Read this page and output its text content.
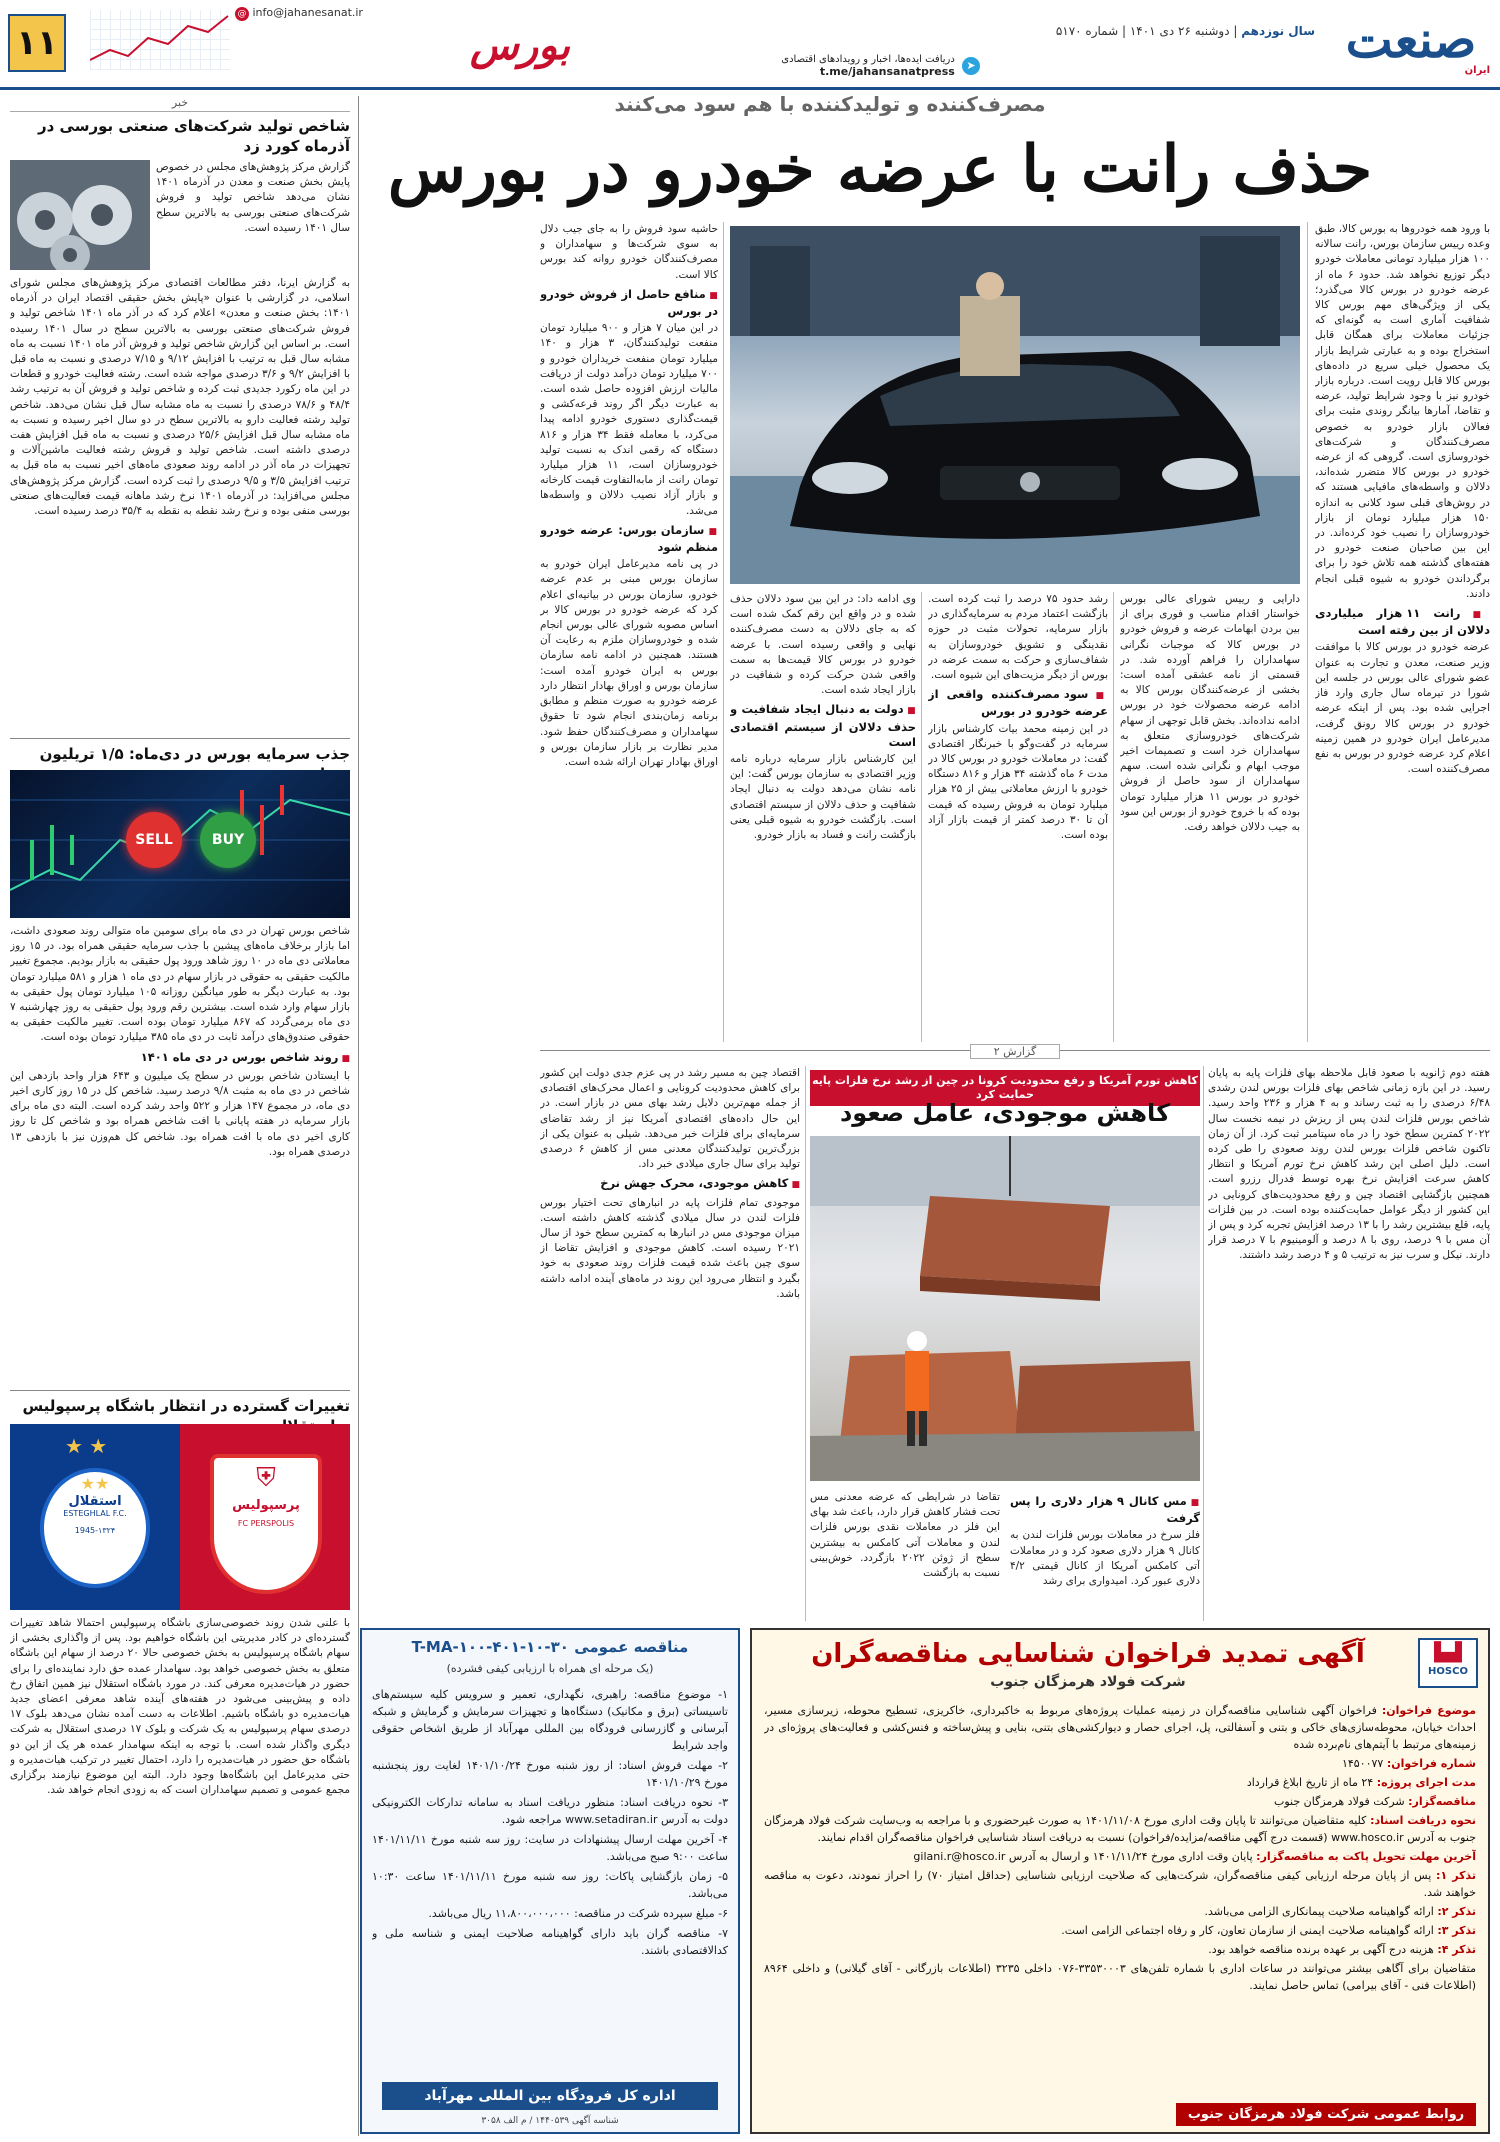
صنعت
ایران
سال نوزدهم | دوشنبه ۲۶ دی ۱۴۰۱ | شماره ۵۱۷۰
➤
دریافت ایده‌ها، اخبار و رویدادهای اقتصادی
t.me/jahansanatpress
بورس
@ info@jahanesanat.ir
۱۱
مصرف‌کننده و تولیدکننده با هم سود می‌کنند
حذف رانت با عرضه خودرو در بورس

با ورود همه خودروها به بورس کالا، طبق وعده رییس سازمان بورس، رانت سالانه ۱۰۰ هزار میلیارد تومانی معاملات خودرو دیگر توزیع نخواهد شد. حدود ۶ ماه از عرضه خودرو در بورس کالا می‌گذرد؛ یکی از ویژگی‌های مهم بورس کالا شفافیت آماری است به گونه‌ای که جزئیات معاملات برای همگان قابل استخراج بوده و به عبارتی شرایط بازار یک محصول خیلی سریع در داده‌های بورس کالا قابل رویت است. درباره بازار خودرو نیز با وجود شرایط تولید، عرضه و تقاضا، آمارها بیانگر روندی مثبت برای فعالان بازار خودرو به خصوص مصرف‌کنندگان و شرکت‌های خودروسازی است. گروهی که از عرضه خودرو در بورس کالا متضرر شده‌اند، دلالان و واسطه‌های مافیایی هستند که در روش‌های قبلی سود کلانی به اندازه ۱۵۰ هزار میلیارد تومان از بازار خودروسازان را نصیب خود کرده‌اند. در این بین صاحبان صنعت خودرو در هفته‌های گذشته همه تلاش خود را برای برگرداندن خودرو به شیوه قبلی انجام دادند.

■ رانت ۱۱ هزار میلیاردی دلالان از بین رفته است

عرضه خودرو در بورس کالا با موافقت وزیر صنعت، معدن و تجارت به عنوان عضو شورای عالی بورس در جلسه این شورا در تیرماه سال جاری وارد فاز اجرایی شده بود. پس از اینکه عرضه خودرو در بورس کالا رونق گرفت، مدیرعامل ایران خودرو در همین زمینه اعلام کرد عرضه خودرو در بورس به نفع مصرف‌کننده است.

دارایی و رییس شورای عالی بورس خواستار اقدام مناسب و فوری برای از بین بردن ابهامات عرضه و فروش خودرو در بورس کالا که موجبات نگرانی سهامداران را فراهم آورده شد. در قسمتی از نامه عشقی آمده است: بخشی از عرضه‌کنندگان بورس کالا به ادامه عرضه محصولات خود در بورس ادامه نداده‌اند. بخش قابل توجهی از سهام شرکت‌های خودروسازی متعلق به سهامداران خرد است و تصمیمات اخیر موجب ابهام و نگرانی شده است. سهم سهامداران از سود حاصل از فروش خودرو در بورس ۱۱ هزار میلیارد تومان بوده که با خروج خودرو از بورس این سود به جیب دلالان خواهد رفت.

رشد حدود ۷۵ درصد را ثبت کرده است. بازگشت اعتماد مردم به سرمایه‌گذاری در بازار سرمایه، تحولات مثبت در حوزه نقدینگی و تشویق خودروسازان به شفاف‌سازی و حرکت به سمت عرضه در بورس از دیگر مزیت‌های این شیوه است.

■ سود مصرف‌کننده واقعی از عرضه خودرو در بورس

در این زمینه محمد بیات کارشناس بازار سرمایه در گفت‌وگو با خبرنگار اقتصادی گفت: در معاملات خودرو در بورس کالا در مدت ۶ ماه گذشته ۳۴ هزار و ۸۱۶ دستگاه خودرو با ارزش معاملاتی بیش از ۲۵ هزار میلیارد تومان به فروش رسیده که قیمت آن تا ۳۰ درصد کمتر از قیمت بازار آزاد بوده است.

وی ادامه داد: در این بین سود دلالان حذف شده و در واقع این رقم کمک شده است که به جای دلالان به دست مصرف‌کننده نهایی و واقعی رسیده است. با عرضه خودرو در بورس کالا قیمت‌ها به سمت واقعی شدن حرکت کرده و شفافیت در بازار ایجاد شده است.

■ دولت به دنبال ایجاد شفافیت و حذف دلالان از سیستم اقتصادی است

این کارشناس بازار سرمایه درباره نامه وزیر اقتصادی به سازمان بورس گفت: این نامه نشان می‌دهد دولت به دنبال ایجاد شفافیت و حذف دلالان از سیستم اقتصادی است. بازگشت خودرو به شیوه قبلی یعنی بازگشت رانت و فساد به بازار خودرو.

حاشیه سود فروش را به جای جیب دلال به سوی شرکت‌ها و سهامداران و مصرف‌کنندگان خودرو روانه کند بورس کالا است.

■ منافع حاصل از فروش خودرو در بورس

در این میان ۷ هزار و ۹۰۰ میلیارد تومان منفعت تولیدکنندگان، ۳ هزار و ۱۴۰ میلیارد تومان منفعت خریداران خودرو و ۷۰۰ میلیارد تومان درآمد دولت از دریافت مالیات ارزش افزوده حاصل شده است. به عبارت دیگر اگر روند قرعه‌کشی و قیمت‌گذاری دستوری خودرو ادامه پیدا می‌کرد، با معامله فقط ۳۴ هزار و ۸۱۶ دستگاه که رقمی اندک به نسبت تولید خودروسازان است، ۱۱ هزار میلیارد تومان رانت از مابه‌التفاوت قیمت کارخانه و بازار آزاد نصیب دلالان و واسطه‌ها می‌شد.

■ سازمان بورس: عرضه خودرو منظم شود

در پی نامه مدیرعامل ایران خودرو به سازمان بورس مبنی بر عدم عرضه خودرو، سازمان بورس در بیانیه‌ای اعلام کرد که عرضه خودرو در بورس کالا بر اساس مصوبه شورای عالی بورس انجام شده و خودروسازان ملزم به رعایت آن هستند. همچنین در ادامه نامه سازمان بورس به ایران خودرو آمده است: سازمان بورس و اوراق بهادار انتظار دارد عرضه خودرو به صورت منظم و مطابق برنامه زمان‌بندی انجام شود تا حقوق سهامداران و مصرف‌کنندگان حفظ شود. مدیر نظارت بر بازار سازمان بورس و اوراق بهادار تهران ارائه شده است.

گزارش ۲
کاهش تورم آمریکا و رفع محدودیت کرونا در چین از رشد نرخ فلزات پایه حمایت کرد
کاهش موجودی، عامل صعود

هفته دوم ژانویه با صعود قابل ملاحظه بهای فلزات پایه به پایان رسید. در این بازه زمانی شاخص بهای فلزات بورس لندن رشدی ۶/۴۸ درصدی را به ثبت رساند و به ۴ هزار و ۲۳۶ واحد رسید. شاخص بورس فلزات لندن پس از ریزش در نیمه نخست سال ۲۰۲۲ کمترین سطح خود را در ماه سپتامبر ثبت کرد. از آن زمان تاکنون شاخص فلزات بورس لندن روند صعودی را طی کرده است. دلیل اصلی این رشد کاهش نرخ تورم آمریکا و انتظار کاهش سرعت افزایش نرخ بهره توسط فدرال رزرو است. همچنین بازگشایی اقتصاد چین و رفع محدودیت‌های کرونایی در این کشور از دیگر عوامل حمایت‌کننده بوده است. در بین فلزات پایه، قلع بیشترین رشد را با ۱۳ درصد افزایش تجربه کرد و پس از آن مس با ۹ درصد، روی با ۸ درصد و آلومینیوم با ۷ درصد قرار دارند. نیکل و سرب نیز به ترتیب ۵ و ۴ درصد رشد داشتند.

اقتصاد چین به مسیر رشد در پی عزم جدی دولت این کشور برای کاهش محدودیت کرونایی و اعمال محرک‌های اقتصادی از جمله مهم‌ترین دلایل رشد بهای مس در بازار است. در این حال داده‌های اقتصادی آمریکا نیز از رشد تقاضای سرمایه‌ای برای فلزات خبر می‌دهد. شیلی به عنوان یکی از بزرگ‌ترین تولیدکنندگان معدنی مس از کاهش ۶ درصدی تولید برای سال جاری میلادی خبر داد.

■ کاهش موجودی، محرک جهش نرخ

موجودی تمام فلزات پایه در انبارهای تحت اختیار بورس فلزات لندن در سال میلادی گذشته کاهش داشته است. میزان موجودی مس در انبارها به کمترین سطح خود از سال ۲۰۲۱ رسیده است. کاهش موجودی و افزایش تقاضا از سوی چین باعث شده قیمت فلزات روند صعودی به خود بگیرد و انتظار می‌رود این روند در ماه‌های آینده ادامه داشته باشد.

■ مس کانال ۹ هزار دلاری را پس گرفت

فلز سرخ در معاملات بورس فلزات لندن به کانال ۹ هزار دلاری صعود کرد و در معاملات آتی کامکس آمریکا از کانال قیمتی ۴/۲ دلاری عبور کرد. امیدواری برای رشد

تقاضا در شرایطی که عرضه معدنی مس تحت فشار کاهش قرار دارد، باعث شد بهای این فلز در معاملات نقدی بورس فلزات لندن و معاملات آتی کامکس به بیشترین سطح از ژوئن ۲۰۲۲ بازگردد. خوش‌بینی نسبت به بازگشت

▟▙
HOSCO
آگهی تمدید فراخوان شناسایی مناقصه‌گران
شرکت فولاد هرمزگان جنوب
موضوع فراخوان: فراخوان آگهی شناسایی مناقصه‌گران در زمینه عملیات پروژه‌های مربوط به خاکبرداری، خاکریزی، تسطیح محوطه، زیرسازی مسیر، احداث خیابان، محوطه‌سازی‌های خاکی و بتنی و آسفالتی، پل، اجرای حصار و دیوارکشی‌های بتنی، بنایی و پیش‌ساخته و فنس‌کشی و فعالیت‌های پروژه‌ای در زمینه‌های مرتبط با آیتم‌های نام‌برده شده
شماره فراخوان: ۱۴۵۰۰۷۷
مدت اجرای پروژه: ۲۴ ماه از تاریخ ابلاغ قرارداد
مناقصه‌گزار: شرکت فولاد هرمزگان جنوب
نحوه دریافت اسناد: کلیه متقاضیان می‌توانند تا پایان وقت اداری مورخ ۱۴۰۱/۱۱/۰۸ به صورت غیرحضوری و با مراجعه به وب‌سایت شرکت فولاد هرمزگان جنوب به آدرس www.hosco.ir (قسمت درج آگهی مناقصه/مزایده/فراخوان) نسبت به دریافت اسناد شناسایی فراخوان مناقصه‌گران اقدام نمایند.
آخرین مهلت تحویل پاکت به مناقصه‌گزار: پایان وقت اداری مورخ ۱۴۰۱/۱۱/۲۴ و ارسال به آدرس gilani.r@hosco.ir
تذکر ۱: پس از پایان مرحله ارزیابی کیفی مناقصه‌گران، شرکت‌هایی که صلاحیت ارزیابی شناسایی (حداقل امتیاز ۷۰) را احراز نمودند، دعوت به مناقصه خواهند شد.
تذکر ۲: ارائه گواهینامه صلاحیت پیمانکاری الزامی می‌باشد.
تذکر ۳: ارائه گواهینامه صلاحیت ایمنی از سازمان تعاون، کار و رفاه اجتماعی الزامی است.
تذکر ۴: هزینه درج آگهی بر عهده برنده مناقصه خواهد بود.
متقاضیان برای آگاهی بیشتر می‌توانند در ساعات اداری با شماره تلفن‌های ۳۳۵۳۰۰۰۳-۰۷۶ داخلی ۳۲۳۵ (اطلاعات بازرگانی - آقای گیلانی) و داخلی ۸۹۶۴ (اطلاعات فنی - آقای بیرامی) تماس حاصل نمایند.
روابط عمومی شرکت فولاد هرمزگان جنوب
مناقصه عمومی ۳۰-۱۰-۴۰۱-۱۰۰-T-MA
(یک مرحله ای همراه با ارزیابی کیفی فشرده)
۱- موضوع مناقصه: راهبری، نگهداری، تعمیر و سرویس کلیه سیستم‌های تاسیساتی (برق و مکانیک) دستگاه‌ها و تجهیزات سرمایش و گرمایش و شبکه آبرسانی و گازرسانی فرودگاه بین المللی مهرآباد از طریق اشخاص حقوقی واجد شرایط
۲- مهلت فروش اسناد: از روز شنبه مورخ ۱۴۰۱/۱۰/۲۴ لغایت روز پنجشنبه مورخ ۱۴۰۱/۱۰/۲۹
۳- نحوه دریافت اسناد: منظور دریافت اسناد به سامانه تدارکات الکترونیکی دولت به آدرس www.setadiran.ir مراجعه شود.
۴- آخرین مهلت ارسال پیشنهادات در سایت: روز سه شنبه مورخ ۱۴۰۱/۱۱/۱۱ ساعت ۹:۰۰ صبح می‌باشد.
۵- زمان بازگشایی پاکات: روز سه شنبه مورخ ۱۴۰۱/۱۱/۱۱ ساعت ۱۰:۳۰ می‌باشد.
۶- مبلغ سپرده شرکت در مناقصه: ۱۱،۸۰۰،۰۰۰،۰۰۰ ریال می‌باشد.
۷- مناقصه گران باید دارای گواهینامه صلاحیت ایمنی و شناسه ملی و کدالاقتصادی باشند.
اداره کل فرودگاه بین المللی مهرآباد
شناسه آگهی ۱۴۴۰۵۳۹ / م الف ۳۰۵۸
خبر
شاخص تولید شرکت‌های صنعتی بورسی در آذرماه کورد زد
گزارش مرکز پژوهش‌های مجلس در خصوص پایش بخش صنعت و معدن در آذرماه ۱۴۰۱ نشان می‌دهد شاخص تولید و فروش شرکت‌های صنعتی بورسی به بالاترین سطح سال ۱۴۰۱ رسیده است.
به گزارش ایرنا، دفتر مطالعات اقتصادی مرکز پژوهش‌های مجلس شورای اسلامی، در گزارشی با عنوان «پایش بخش حقیقی اقتصاد ایران در آذرماه ۱۴۰۱: بخش صنعت و معدن» اعلام کرد که در آذر ماه ۱۴۰۱ شاخص تولید و فروش شرکت‌های صنعتی بورسی به بالاترین سطح در سال ۱۴۰۱ رسیده است. بر اساس این گزارش شاخص تولید و فروش آذر ماه ۱۴۰۱ نسبت به ماه مشابه سال قبل به ترتیب با افزایش ۹/۱۲ و ۷/۱۵ درصدی و نسبت به ماه قبل با افزایش ۹/۲ و ۳/۶ درصدی مواجه شده است. رشته فعالیت خودرو و قطعات در این ماه رکورد جدیدی ثبت کرده و شاخص تولید و فروش آن به ترتیب رشد ۴۸/۴ و ۷۸/۶ درصدی را نسبت به ماه مشابه سال قبل نشان می‌دهد. شاخص تولید رشته فعالیت دارو به بالاترین سطح در دو سال اخیر رسیده و نسبت به ماه مشابه سال قبل افزایش ۲۵/۶ درصدی و نسبت به ماه قبل افزایش هفت درصدی داشته است. شاخص تولید و فروش رشته فعالیت ماشین‌آلات و تجهیزات در ماه آذر در ادامه روند صعودی ماه‌های اخیر نسبت به ماه قبل به ترتیب افزایش ۳/۵ و ۹/۵ درصدی را ثبت کرده است. گزارش مرکز پژوهش‌های مجلس می‌افزاید: در آذرماه ۱۴۰۱ نرخ رشد ماهانه قیمت فعالیت‌های صنعتی بورسی منفی بوده و نرخ رشد نقطه به نقطه به ۳۵/۴ درصد رسیده است.
جذب سرمایه بورس در دی‌ماه: ۱/۵ تریلیون
BUY
SELL

شاخص بورس تهران در دی ماه برای سومین ماه متوالی روند صعودی داشت، اما بازار برخلاف ماه‌های پیشین با جذب سرمایه حقیقی همراه بود. در ۱۵ روز معاملاتی دی ماه در ۱۰ روز شاهد ورود پول حقیقی به بازار بودیم. مجموع تغییر مالکیت حقیقی به حقوقی در بازار سهام در دی ماه ۱ هزار و ۵۸۱ میلیارد تومان بود. به عبارت دیگر به طور میانگین روزانه ۱۰۵ میلیارد تومان پول حقیقی به بازار سهام وارد شده است. بیشترین رقم ورود پول حقیقی به روز چهارشنبه ۷ دی ماه برمی‌گردد که ۸۶۷ میلیارد تومان بوده است. تغییر مالکیت حقیقی به حقوقی صندوق‌های درآمد ثابت در دی ماه ۳۸۵ میلیارد تومان بوده است.

■ روند شاخص بورس در دی ماه ۱۴۰۱

با ایستادن شاخص بورس در سطح یک میلیون و ۶۴۳ هزار واحد بازدهی این شاخص در دی ماه به مثبت ۹/۸ درصد رسید. شاخص کل در ۱۵ روز کاری اخیر دی ماه، در مجموع ۱۴۷ هزار و ۵۲۲ واحد رشد کرده است. البته دی ماه برای بازار سرمایه در هفته پایانی با افت شاخص همراه بود و شاخص کل تا روز کاری اخیر دی ماه با افت همراه بود. شاخص کل هم‌وزن نیز با بازدهی ۱۳ درصدی همراه بود.

تغییرات گسترده در انتظار باشگاه پرسپولیس
★★
استقلال
ESTEGHLAL F.C.
1945-۱۳۲۴
★ ★
⛨
پرسپولیس
FC PERSPOLIS
با علنی شدن روند خصوصی‌سازی باشگاه پرسپولیس احتمالا شاهد تغییرات گسترده‌ای در کادر مدیریتی این باشگاه خواهیم بود. پس از واگذاری بخشی از سهام باشگاه پرسپولیس به بخش خصوصی حالا ۲۰ درصد از سهام این باشگاه متعلق به بخش خصوصی خواهد بود. سهامدار عمده حق دارد نماینده‌ای را برای حضور در هیات‌مدیره معرفی کند. در مورد باشگاه استقلال نیز همین اتفاق رخ داده و پیش‌بینی می‌شود در هفته‌های آینده شاهد معرفی اعضای جدید هیات‌مدیره دو باشگاه باشیم. اطلاعات به دست آمده نشان می‌دهد بلوک ۱۷ درصدی سهام پرسپولیس به یک شرکت و بلوک ۱۷ درصدی استقلال به شرکت دیگری واگذار شده است. با توجه به اینکه سهامدار عمده هر یک از این دو باشگاه حق حضور در هیات‌مدیره را دارد، احتمال تغییر در ترکیب هیات‌مدیره و حتی مدیرعامل این باشگاه‌ها وجود دارد. البته این موضوع نیازمند برگزاری مجمع عمومی و تصمیم سهامداران است که به زودی انجام خواهد شد.
